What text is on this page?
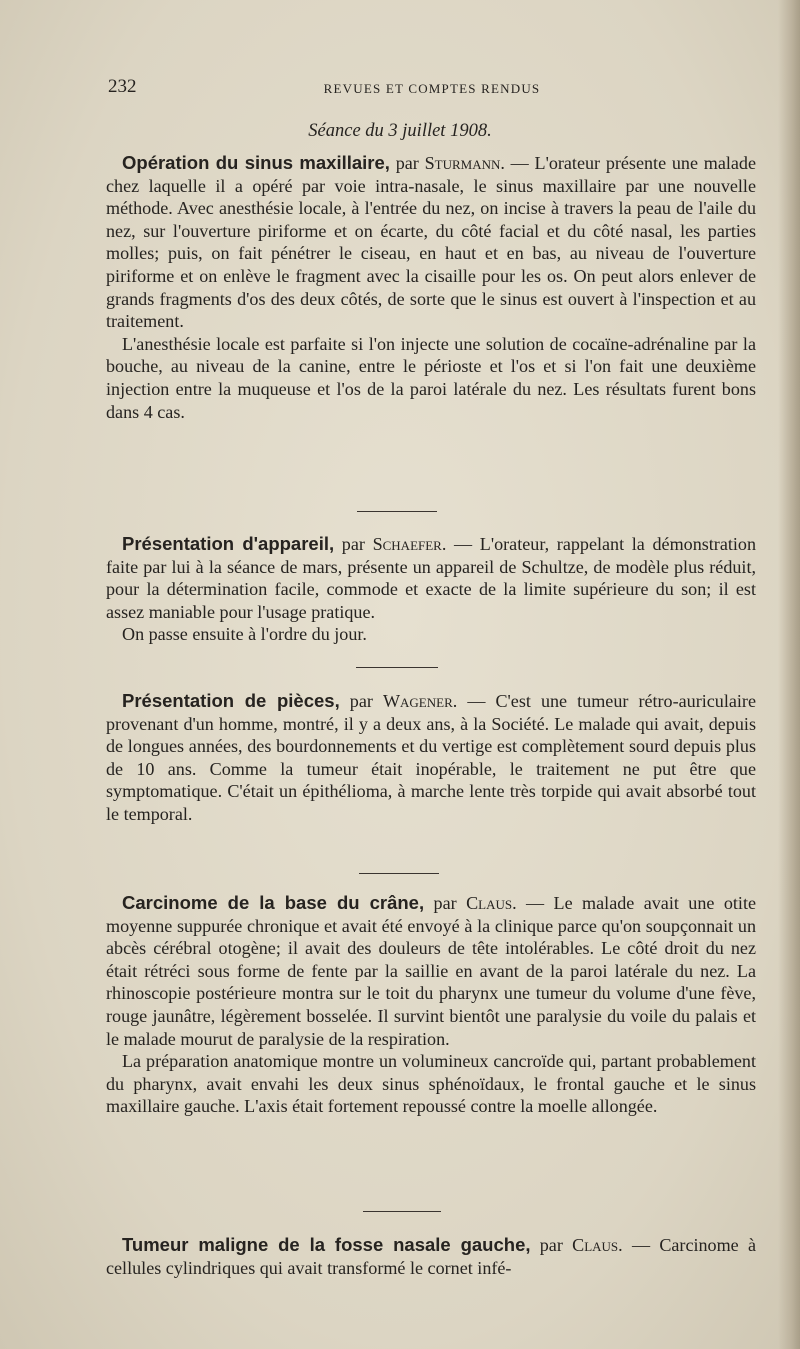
232	REVUES ET COMPTES RENDUS
Séance du 3 juillet 1908.

Opération du sinus maxillaire, par Sturmann. — L'orateur présente une malade chez laquelle il a opéré par voie intra-nasale, le sinus maxillaire par une nouvelle méthode. Avec anesthésie locale, à l'entrée du nez, on incise à travers la peau de l'aile du nez, sur l'ouverture piriforme et on écarte, du côté facial et du côté nasal, les parties molles; puis, on fait pénétrer le ciseau, en haut et en bas, au niveau de l'ouverture piriforme et on enlève le fragment avec la cisaille pour les os. On peut alors enlever de grands fragments d'os des deux côtés, de sorte que le sinus est ouvert à l'inspection et au traitement.

L'anesthésie locale est parfaite si l'on injecte une solution de cocaïne-adrénaline par la bouche, au niveau de la canine, entre le périoste et l'os et si l'on fait une deuxième injection entre la muqueuse et l'os de la paroi latérale du nez. Les résultats furent bons dans 4 cas.

Présentation d'appareil, par Schaefer. — L'orateur, rappelant la démonstration faite par lui à la séance de mars, présente un appareil de Schultze, de modèle plus réduit, pour la détermination facile, commode et exacte de la limite supérieure du son; il est assez maniable pour l'usage pratique.

On passe ensuite à l'ordre du jour.

Présentation de pièces, par Wagener. — C'est une tumeur rétro-auriculaire provenant d'un homme, montré, il y a deux ans, à la Société. Le malade qui avait, depuis de longues années, des bourdonnements et du vertige est complètement sourd depuis plus de 10 ans. Comme la tumeur était inopérable, le traitement ne put être que symptomatique. C'était un épithélioma, à marche lente très torpide qui avait absorbé tout le temporal.

Carcinome de la base du crâne, par Claus. — Le malade avait une otite moyenne suppurée chronique et avait été envoyé à la clinique parce qu'on soupçonnait un abcès cérébral otogène; il avait des douleurs de tête intolérables. Le côté droit du nez était rétréci sous forme de fente par la saillie en avant de la paroi latérale du nez. La rhinoscopie postérieure montra sur le toit du pharynx une tumeur du volume d'une fève, rouge jaunâtre, légèrement bosselée. Il survint bientôt une paralysie du voile du palais et le malade mourut de paralysie de la respiration.

La préparation anatomique montre un volumineux cancroïde qui, partant probablement du pharynx, avait envahi les deux sinus sphénoïdaux, le frontal gauche et le sinus maxillaire gauche. L'axis était fortement repoussé contre la moelle allongée.

Tumeur maligne de la fosse nasale gauche, par Claus. — Carcinome à cellules cylindriques qui avait transformé le cornet infé-
